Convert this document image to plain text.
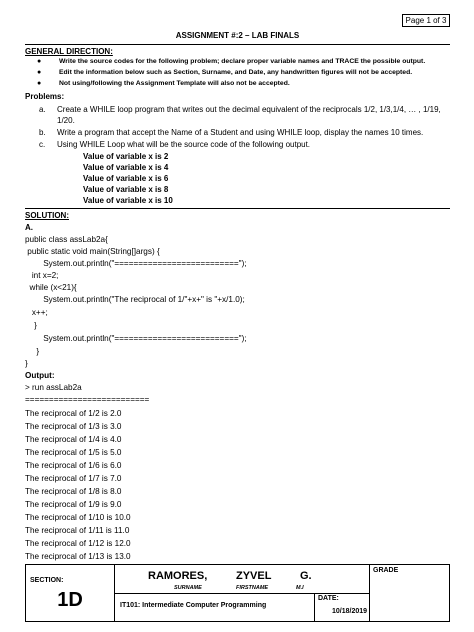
Page 1 of 3
ASSIGNMENT #:2 – LAB FINALS
GENERAL DIRECTION:
●	Write the source codes for the following problem; declare proper variable names and TRACE the possible output.
●	Edit the information below such as Section, Surname, and Date, any handwritten figures will not be accepted.
●	Not using/following the Assignment Template will also not be accepted.
Problems:
a. Create a WHILE loop program that writes out the decimal equivalent of the reciprocals 1/2, 1/3,1/4, … , 1/19,
1/20.
b. Write a program that accept the Name of a Student and using WHILE loop, display the names 10 times.
c. Using WHILE Loop what will be the source code of the following output.
Value of variable x is 2
Value of variable x is 4
Value of variable x is 6
Value of variable x is 8
Value of variable x is 10
SOLUTION:
A.
public class assLab2a{
public static void main(String[]args) {
System.out.println("==========================");
int x=2;
while (x<21){
System.out.println("The reciprocal of 1/"+x+" is "+x/1.0);
x++;
}
System.out.println("==========================");
}
}
Output:
> run assLab2a
==========================
The reciprocal of 1/2 is 2.0
The reciprocal of 1/3 is 3.0
The reciprocal of 1/4 is 4.0
The reciprocal of 1/5 is 5.0
The reciprocal of 1/6 is 6.0
The reciprocal of 1/7 is 7.0
The reciprocal of 1/8 is 8.0
The reciprocal of 1/9 is 9.0
The reciprocal of 1/10 is 10.0
The reciprocal of 1/11 is 11.0
The reciprocal of 1/12 is 12.0
The reciprocal of 1/13 is 13.0
SECTION:
1D
RAMORES,	ZYVEL	G.
SURNAME	FIRSTNAME	M.I
IT101: Intermediate Computer Programming
DATE:
10/18/2019
GRADE
